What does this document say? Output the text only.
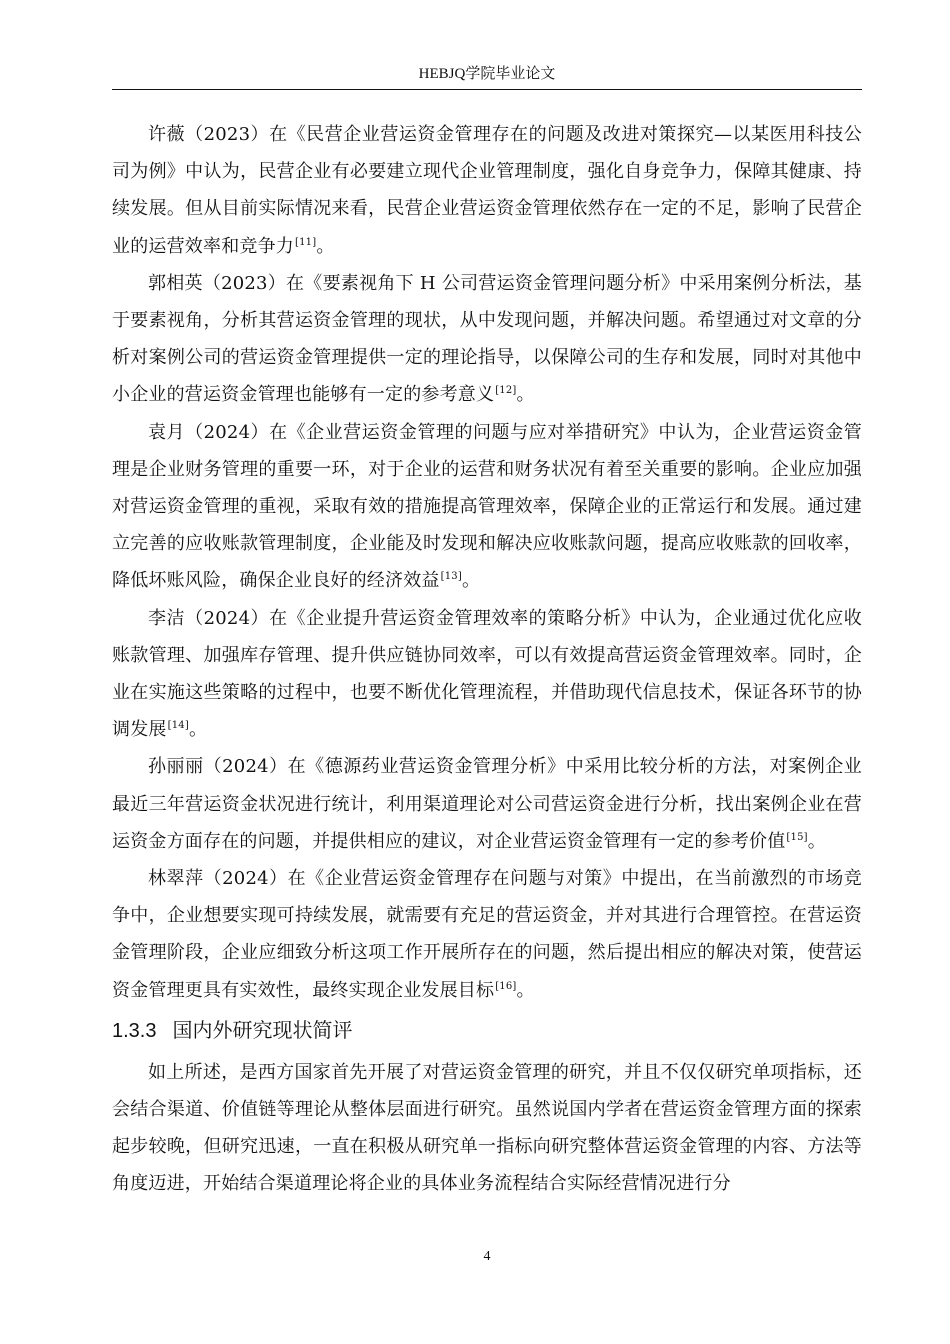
HEBJQ学院毕业论文

许薇（2023）在《民营企业营运资金管理存在的问题及改进对策探究—以某医用科技公司为例》中认为，民营企业有必要建立现代企业管理制度，强化自身竞争力，保障其健康、持续发展。但从目前实际情况来看，民营企业营运资金管理依然存在一定的不足，影响了民营企业的运营效率和竞争力[11]。

郭相英（2023）在《要素视角下 H 公司营运资金管理问题分析》中采用案例分析法，基于要素视角，分析其营运资金管理的现状，从中发现问题，并解决问题。希望通过对文章的分析对案例公司的营运资金管理提供一定的理论指导，以保障公司的生存和发展，同时对其他中小企业的营运资金管理也能够有一定的参考意义[12]。

袁月（2024）在《企业营运资金管理的问题与应对举措研究》中认为，企业营运资金管理是企业财务管理的重要一环，对于企业的运营和财务状况有着至关重要的影响。企业应加强对营运资金管理的重视，采取有效的措施提高管理效率，保障企业的正常运行和发展。通过建立完善的应收账款管理制度，企业能及时发现和解决应收账款问题，提高应收账款的回收率，降低坏账风险，确保企业良好的经济效益[13]。

李洁（2024）在《企业提升营运资金管理效率的策略分析》中认为，企业通过优化应收账款管理、加强库存管理、提升供应链协同效率，可以有效提高营运资金管理效率。同时，企业在实施这些策略的过程中，也要不断优化管理流程，并借助现代信息技术，保证各环节的协调发展[14]。

孙丽丽（2024）在《德源药业营运资金管理分析》中采用比较分析的方法，对案例企业最近三年营运资金状况进行统计，利用渠道理论对公司营运资金进行分析，找出案例企业在营运资金方面存在的问题，并提供相应的建议，对企业营运资金管理有一定的参考价值[15]。

林翠萍（2024）在《企业营运资金管理存在问题与对策》中提出，在当前激烈的市场竞争中，企业想要实现可持续发展，就需要有充足的营运资金，并对其进行合理管控。在营运资金管理阶段，企业应细致分析这项工作开展所存在的问题，然后提出相应的解决对策，使营运资金管理更具有实效性，最终实现企业发展目标[16]。

1.3.3 国内外研究现状简评

如上所述，是西方国家首先开展了对营运资金管理的研究，并且不仅仅研究单项指标，还会结合渠道、价值链等理论从整体层面进行研究。虽然说国内学者在营运资金管理方面的探索起步较晚，但研究迅速，一直在积极从研究单一指标向研究整体营运资金管理的内容、方法等角度迈进，开始结合渠道理论将企业的具体业务流程结合实际经营情况进行分

4
